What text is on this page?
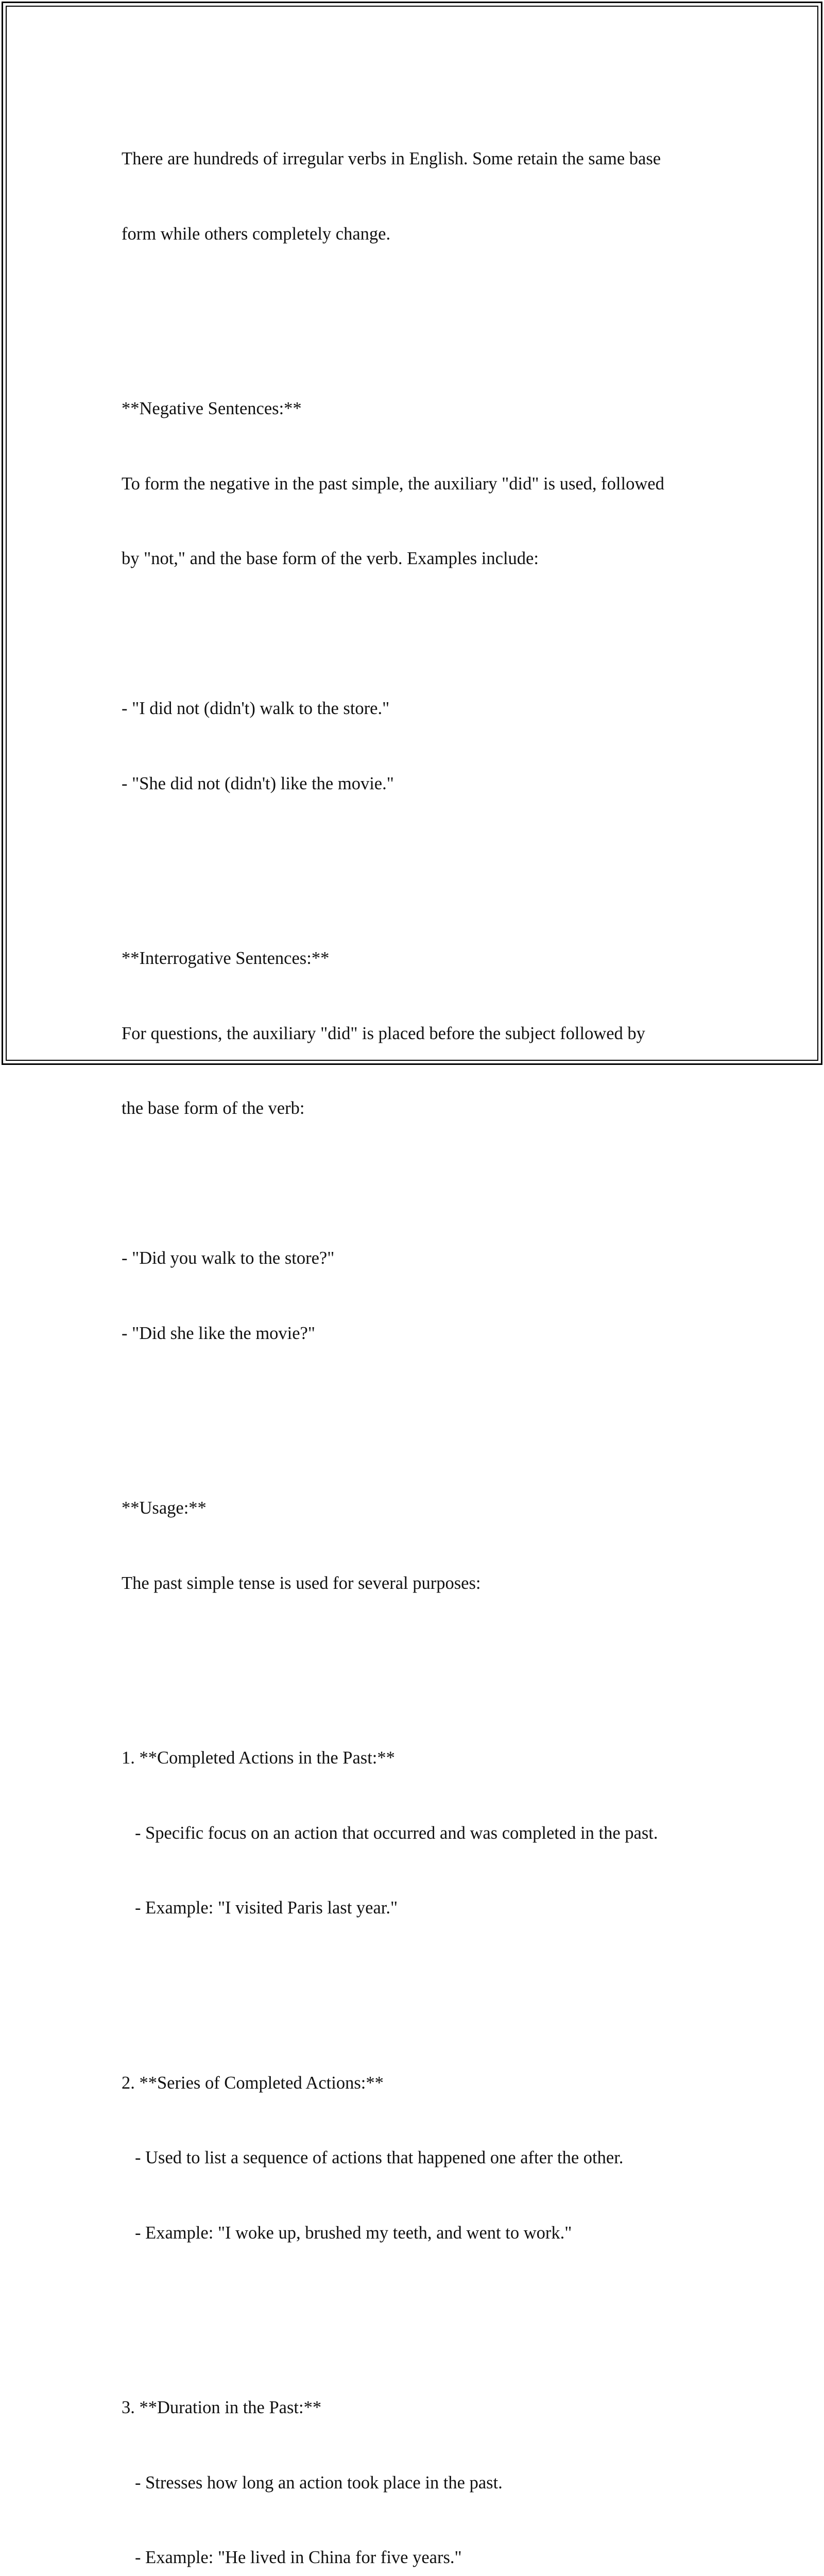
There are hundreds of irregular verbs in English. Some retain the same base

form while others completely change.

**Negative Sentences:**

To form the negative in the past simple, the auxiliary "did" is used, followed

by "not," and the base form of the verb. Examples include:

- "I did not (didn't) walk to the store."

- "She did not (didn't) like the movie."

**Interrogative Sentences:**

For questions, the auxiliary "did" is placed before the subject followed by

the base form of the verb:

- "Did you walk to the store?"

- "Did she like the movie?"

**Usage:**

The past simple tense is used for several purposes:

1. **Completed Actions in the Past:**

- Specific focus on an action that occurred and was completed in the past.

- Example: "I visited Paris last year."

2. **Series of Completed Actions:**

- Used to list a sequence of actions that happened one after the other.

- Example: "I woke up, brushed my teeth, and went to work."

3. **Duration in the Past:**

- Stresses how long an action took place in the past.

- Example: "He lived in China for five years."
